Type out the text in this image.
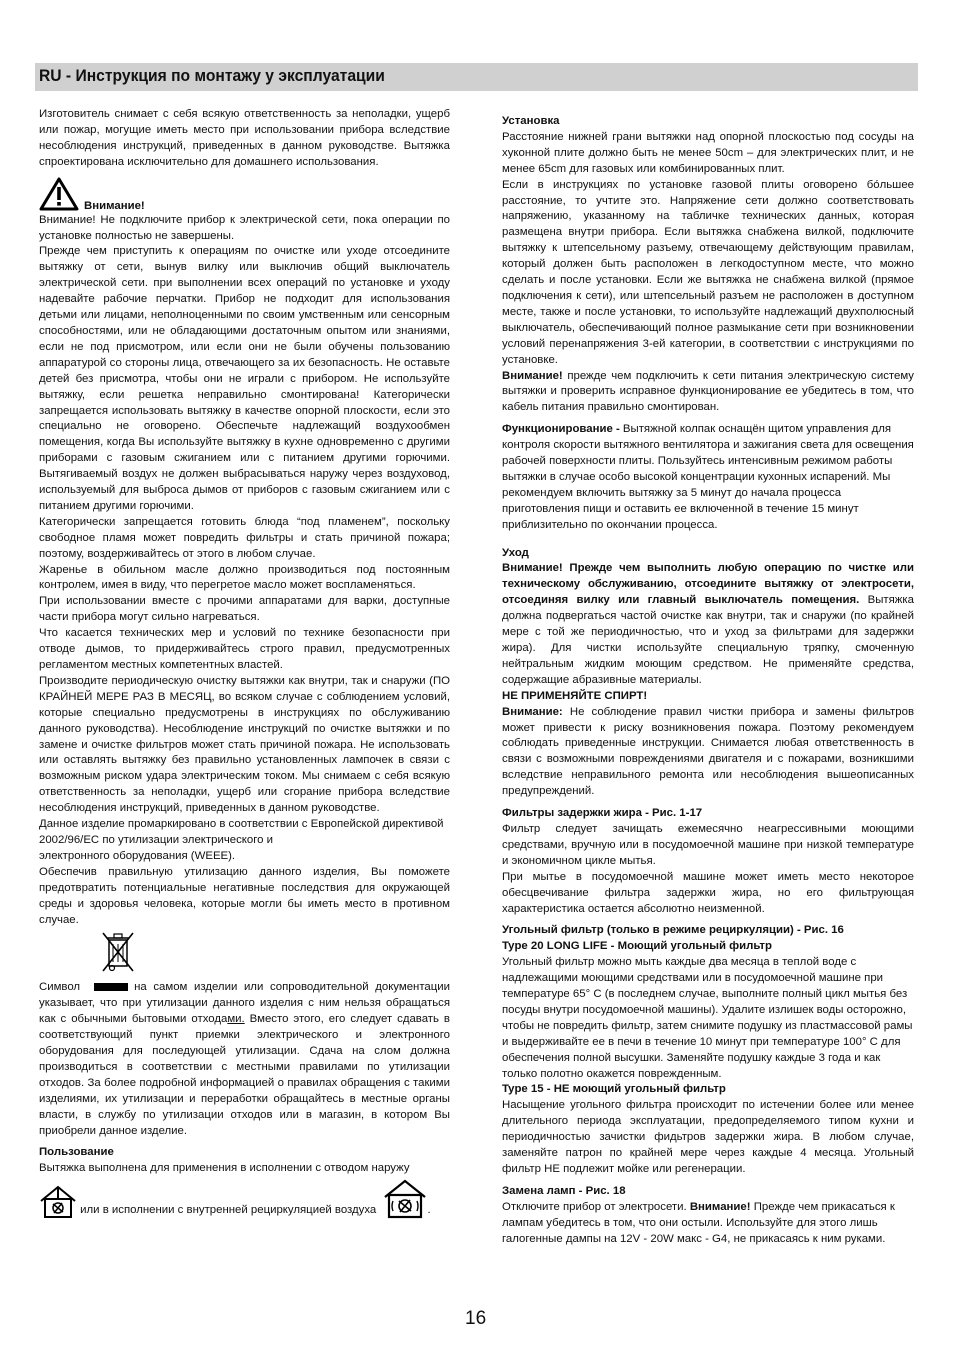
RU - Инструкция по монтажу у эксплуатации

Изготовитель снимает с себя всякую ответственность за неполадки, ущерб или пожар, могущие иметь место при использовании прибора вследствие несоблюдения инструкций, приведенных в данном руководстве. Вытяжка спроектирована исключительно для домашнего использования.

Внимание!

Внимание! Не подключите прибор к электрической сети, пока операции по установке полностью не завершены.

Прежде чем приступить к операциям по очистке или уходе отсоедините вытяжку от сети, вынув вилку или выключив общий выключатель электрической сети. при выполнении всех операций по установке и уходу надевайте рабочие перчатки. Прибор не подходит для использования детьми или лицами, неполноценными по своим умственным или сенсорным способностями, или не обладающими достаточным опытом или знаниями, если не под присмотром, или если они не были обучены пользованию аппаратурой со стороны лица, отвечающего за их безопасность. Не оставьте детей без присмотра, чтобы они не играли с прибором. Не используйте вытяжку, если решетка неправильно смонтирована! Категорически запрещается использовать вытяжку в качестве опорной плоскости, если это специально не оговорено. Обеспечьте надлежащий воздухообмен помещения, когда Вы используйте вытяжку в кухне одновременно с другими приборами с газовым сжиганием или с питанием другими горючими. Вытягиваемый воздух не должен выбрасываться наружу через воздуховод, используемый для выброса дымов от приборов с газовым сжиганием или с питанием другими горючими.

Категорически запрещается готовить блюда “под пламенем”, поскольку свободное пламя может повредить фильтры и стать причиной пожара; поэтому, воздерживайтесь от этого в любом случае.

Жаренье в обильном масле должно производиться под постоянным контролем, имея в виду, что перегретое масло может воспламеняться.

При использовании вместе с прочими аппаратами для варки, доступные части прибора могут сильно нагреваться.

Что касается технических мер и условий по технике безопасности при отводе дымов, то придерживайтесь строго правил, предусмотренных регламентом местных компетентных властей.

Производите периодическую очистку вытяжки как внутри, так и снаружи (ПО КРАЙНЕЙ МЕРЕ РАЗ В МЕСЯЦ, во всяком случае с соблюдением условий, которые специально предусмотрены в инструкциях по обслуживанию данного руководства). Несоблюдение инструкций по очистке вытяжки и по замене и очистке фильтров может стать причиной пожара. Не использовать или оставлять вытяжку без правильно установленных лампочек в связи с возможным риском удара электрическим током. Мы снимаем с себя всякую ответственность за неполадки, ущерб или сгорание прибора вследствие несоблюдения инструкций, приведенных в данном руководстве.

Данное изделие промаркировано в соответствии с Европейской директивой 2002/96/ЕС по утилизации электрического и

электронного оборудования (WEEE).

Обеспечив правильную утилизацию данного изделия, Вы поможете предотвратить потенциальные негативные последствия для окружающей среды и здоровья человека, которые могли бы иметь место в противном случае.

Символ	на самом изделии или сопроводительной документации указывает, что при утилизации данного изделия с ним нельзя обращаться как с обычными бытовыми отходами. Вместо этого, его следует сдавать в соответствующий пункт приемки электрического и электронного оборудования для последующей утилизации. Сдача на слом должна производиться в соответствии с местными правилами по утилизации отходов. За более подробной информацией о правилах обращения с такими изделиями, их утилизации и переработки обращайтесь в местные органы власти, в службу по утилизации отходов или в магазин, в котором Вы приобрели данное изделие.

Пользование

Вытяжка выполнена для применения в исполнении с отводом наружу

или в исполнении с внутренней рециркуляцией воздуха	.

Установка

Расстояние нижней грани вытяжки над опорной плоскостью под сосуды на хуконной плите должно быть не менее 50cm – для электрических плит, и не менее 65cm для газовых или комбинированных плит.

Если в инструкциях по установке газовой плиты оговорено бо́льшее расстояние, то учтите это. Напряжение сети должно соответствовать напряжению, указанному на табличке технических данных, которая размещена внутри прибора. Если вытяжка снабжена вилкой, подключите вытяжку к штепсельному разъему, отвечающему действующим правилам, который должен быть расположен в легкодоступном месте, что можно сделать и после установки. Если же вытяжка не снабжена вилкой (прямое подключения к сети), или штепсельный разъем не расположен в доступном месте, также и после установки, то используйте надлежащий двухполюсный выключатель, обеспечивающий полное размыкание сети при возникновении условий перенапряжения 3-ей категории, в соответствии с инструкциями по установке.

Внимание! прежде чем подключить к сети питания электрическую систему вытяжки и проверить исправное функционирование ее убедитесь в том, что кабель питания правильно смонтирован.

Функционирование - Вытяжной колпак оснащён щитом управления для контроля скорости вытяжного вентилятора и зажигания света для освещения рабочей поверхности плиты. Пользуйтесь интенсивным режимом работы вытяжки в случае особо высокой концентрации кухонных испарений. Мы рекомендуем включить вытяжку за 5 минут до начала процесса приготовления пищи и оставить ее включенной в течение 15 минут приблизительно по окончании процесса.

Уход

Внимание! Прежде чем выполнить любую операцию по чистке или техническому обслуживанию, отсоедините вытяжку от электросети, отсоединяя вилку или главный выключатель помещения. Вытяжка должна подвергаться частой очистке как внутри, так и снаружи (по крайней мере с той же периодичностью, что и уход за фильтрами для задержки жира). Для чистки используйте специальную тряпку, смоченную нейтральным жидким моющим средством. Не применяйте средства, содержащие абразивные материалы.

НЕ ПРИМЕНЯЙТЕ СПИРТ!

Внимание: Не соблюдение правил чистки прибора и замены фильтров может привести к риску возникновения пожара. Поэтому рекомендуем соблюдать приведенные инструкции. Снимается любая ответственность в связи с возможными повреждениями двигателя и с пожарами, возникшими вследствие неправильного ремонта или несоблюдения вышеописанных предупреждений.

Фильтры задержки жира - Рис. 1-17

Фильтр следует зачищать ежемесячно неагрессивными моющими средствами, вручную или в посудомоечной машине при низкой температуре и экономичном цикле мытья.

При мытье в посудомоечной машине может иметь место некоторое обесцвечивание фильтра задержки жира, но его фильтрующая характеристика остается абсолютно неизменной.

Угольный фильтр (только в режиме рециркуляции) - Рис. 16

Type 20 LONG LIFE - Моющий угольный фильтр

Угольный фильтр можно мыть каждые два месяца в теплой воде с надлежащими моющими средствами или в посудомоечной машине при температуре 65° C (в последнем случае, выполните полный цикл мытья без посуды внутри посудомоечной машины). Удалите излишек воды осторожно, чтобы не повредить фильтр, затем снимите подушку из пластмассовой рамы и выдерживайте ее в печи в течение 10 минут при температуре 100° C для обеспечения полной высушки. Заменяйте подушку каждые 3 года и как только полотно окажется поврежденным.

Type 15 - НЕ моющий угольный фильтр

Насыщение угольного фильтра происходит по истечении более или менее длительного периода эксплуатации, предопределяемого типом кухни и периодичностью зачистки фидьтров задержки жира. В любом случае, заменяйте патрон по крайней мере через каждые 4 месяца. Угольный фильтр НЕ подлежит мойке или регенерации.

Замена ламп - Рис. 18

Отключите прибор от электросети. Внимание! Прежде чем прикасаться к лампам убедитесь в том, что они остыли. Используйте для этого лишь галогенные дампы на 12V - 20W макс - G4, не прикасаясь к ним руками.

16
